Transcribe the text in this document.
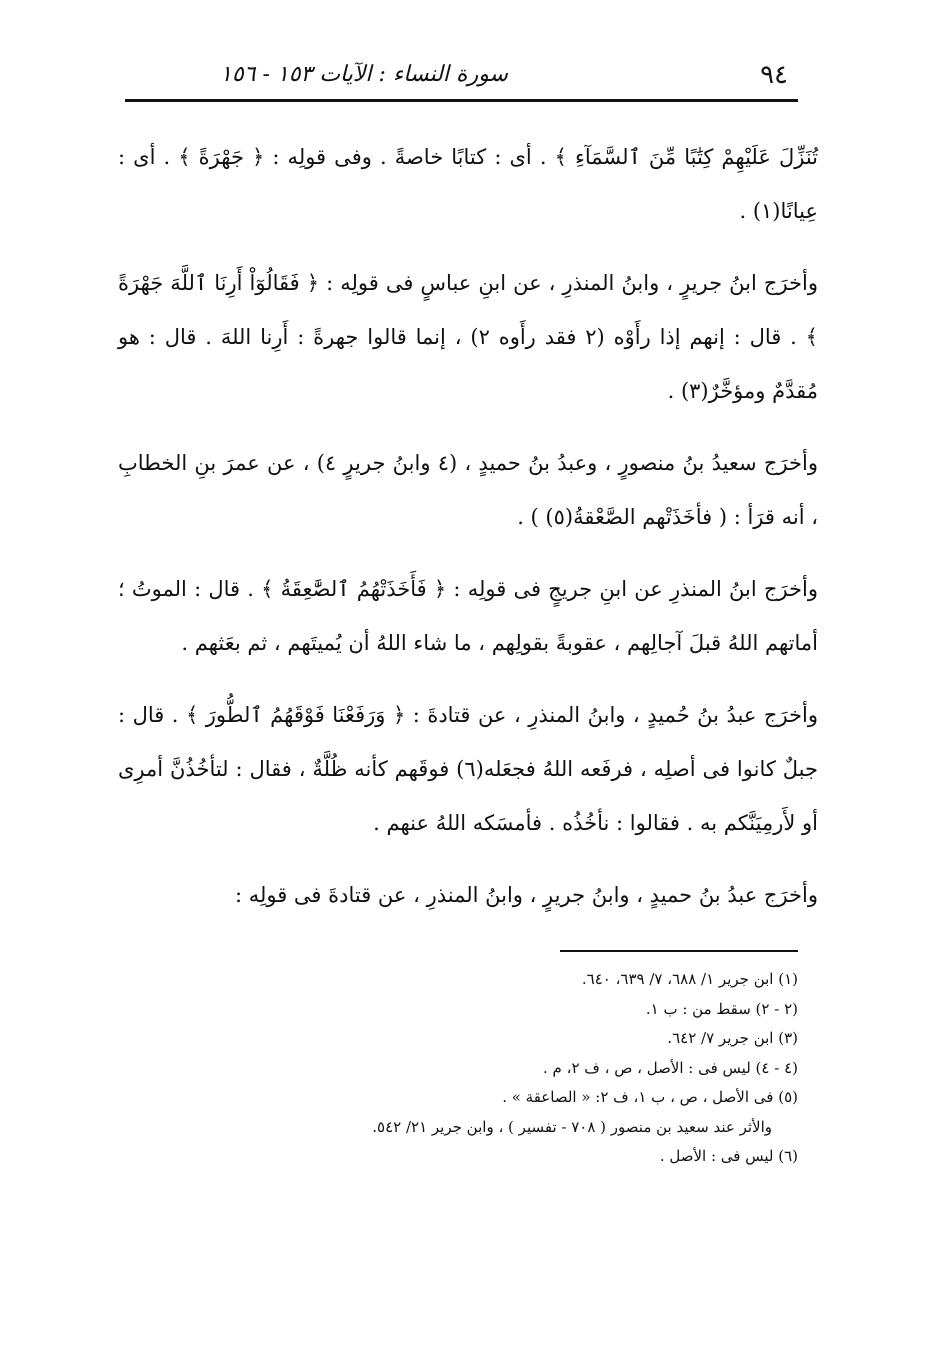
٩٤
سورة النساء : الآيات ١٥٣ - ١٥٦

تُنَزِّلَ عَلَيْهِمْ كِتَٰبًا مِّنَ ٱلسَّمَآءِ ﴾ . أى : كتابًا خاصةً . وفى قولِه : ﴿ جَهْرَةً ﴾ . أى : عِيانًا(١) .

وأخرَج ابنُ جريرٍ ، وابنُ المنذرِ ، عن ابنِ عباسٍ فى قولِه : ﴿ فَقَالُوٓاْ أَرِنَا ٱللَّهَ جَهْرَةً ﴾ . قال : إنهم إذا رأَوْه (٢ فقد رأَوه ٢) ، إنما قالوا جهرةً : أَرِنا اللهَ . قال : هو مُقدَّمٌ ومؤخَّرٌ(٣) .

وأخرَج سعيدُ بنُ منصورٍ ، وعبدُ بنُ حميدٍ ، (٤ وابنُ جريرٍ ٤) ، عن عمرَ بنِ الخطابِ ، أنه قرَأ : ( فأخَذَتْهم الصَّعْقةُ(٥) ) .

وأخرَج ابنُ المنذرِ عن ابنِ جريجٍ فى قولِه : ﴿ فَأَخَذَتْهُمُ ٱلصَّٰعِقَةُ ﴾ . قال : الموتُ ؛ أماتهم اللهُ قبلَ آجالِهم ، عقوبةً بقولِهم ، ما شاء اللهُ أن يُميتَهم ، ثم بعَثهم .

وأخرَج عبدُ بنُ حُميدٍ ، وابنُ المنذرِ ، عن قتادةَ : ﴿ وَرَفَعْنَا فَوْقَهُمُ ٱلطُّورَ ﴾ . قال : جبلٌ كانوا فى أصلِه ، فرفَعه اللهُ فجعَله(٦) فوقَهم كأنه ظُلَّةٌ ، فقال : لتأخُذُنَّ أمرِى أو لأَرمِيَنَّكم به . فقالوا : نأخُذُه . فأمسَكه اللهُ عنهم .

وأخرَج عبدُ بنُ حميدٍ ، وابنُ جريرٍ ، وابنُ المنذرِ ، عن قتادةَ فى قولِه :

(١) ابن جرير ١/ ٦٨٨، ٧/ ٦٣٩، ٦٤٠.
(٢ - ٢) سقط من : ب ١.
(٣) ابن جرير ٧/ ٦٤٢.
(٤ - ٤) ليس فى : الأصل ، ص ، ف ٢، م .
(٥) فى الأصل ، ص ، ب ١، ف ٢: « الصاعقة » .
والأثر عند سعيد بن منصور ( ٧٠٨ - تفسير ) ، وابن جرير ٢١/ ٥٤٢.
(٦) ليس فى : الأصل .
